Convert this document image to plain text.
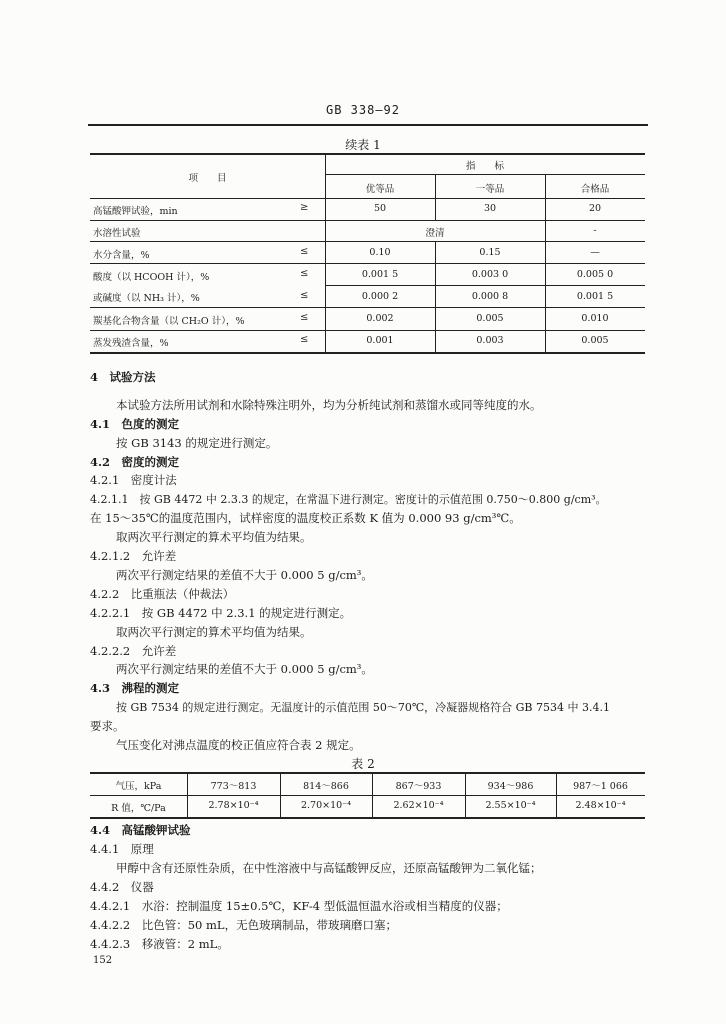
GB 338—92
续表 1
指　　标
项　　目
优等品	一等品	合格品
高锰酸钾试验，min	≥	50	30	20
水溶性试验	澄清	-
水分含量，%	≤	0.10	0.15	—
酸度（以 HCOOH 计），%	≤	0.001 5	0.003 0	0.005 0
或碱度（以 NH₃ 计），%	≤	0.000 2	0.000 8	0.001 5
羰基化合物含量（以 CH₂O 计），%	≤	0.002	0.005	0.010
蒸发残渣含量，%	≤	0.001	0.003	0.005
4　试验方法
本试验方法所用试剂和水除特殊注明外，均为分析纯试剂和蒸馏水或同等纯度的水。
4.1　色度的测定
按 GB 3143 的规定进行测定。
4.2　密度的测定
4.2.1　密度计法
4.2.1.1　按 GB 4472 中 2.3.3 的规定，在常温下进行测定。密度计的示值范围 0.750～0.800 g/cm³。
在 15～35℃的温度范围内，试样密度的温度校正系数 K 值为 0.000 93 g/cm³℃。
取两次平行测定的算术平均值为结果。
4.2.1.2　允许差
两次平行测定结果的差值不大于 0.000 5 g/cm³。
4.2.2　比重瓶法（仲裁法）
4.2.2.1　按 GB 4472 中 2.3.1 的规定进行测定。
取两次平行测定的算术平均值为结果。
4.2.2.2　允许差
两次平行测定结果的差值不大于 0.000 5 g/cm³。
4.3　沸程的测定
按 GB 7534 的规定进行测定。无温度计的示值范围 50～70℃，冷凝器规格符合 GB 7534 中 3.4.1
要求。
气压变化对沸点温度的校正值应符合表 2 规定。
表 2
气压，kPa	773～813	814～866	867～933	934～986	987～1 066
R 值，℃/Pa	2.78×10⁻⁴	2.70×10⁻⁴	2.62×10⁻⁴	2.55×10⁻⁴	2.48×10⁻⁴
4.4　高锰酸钾试验
4.4.1　原理
甲醇中含有还原性杂质，在中性溶液中与高锰酸钾反应，还原高锰酸钾为二氧化锰；
4.4.2　仪器
4.4.2.1　水浴：控制温度 15±0.5℃，KF-4 型低温恒温水浴或相当精度的仪器；
4.4.2.2　比色管：50 mL，无色玻璃制品，带玻璃磨口塞；
4.4.2.3　移液管：2 mL。
152
